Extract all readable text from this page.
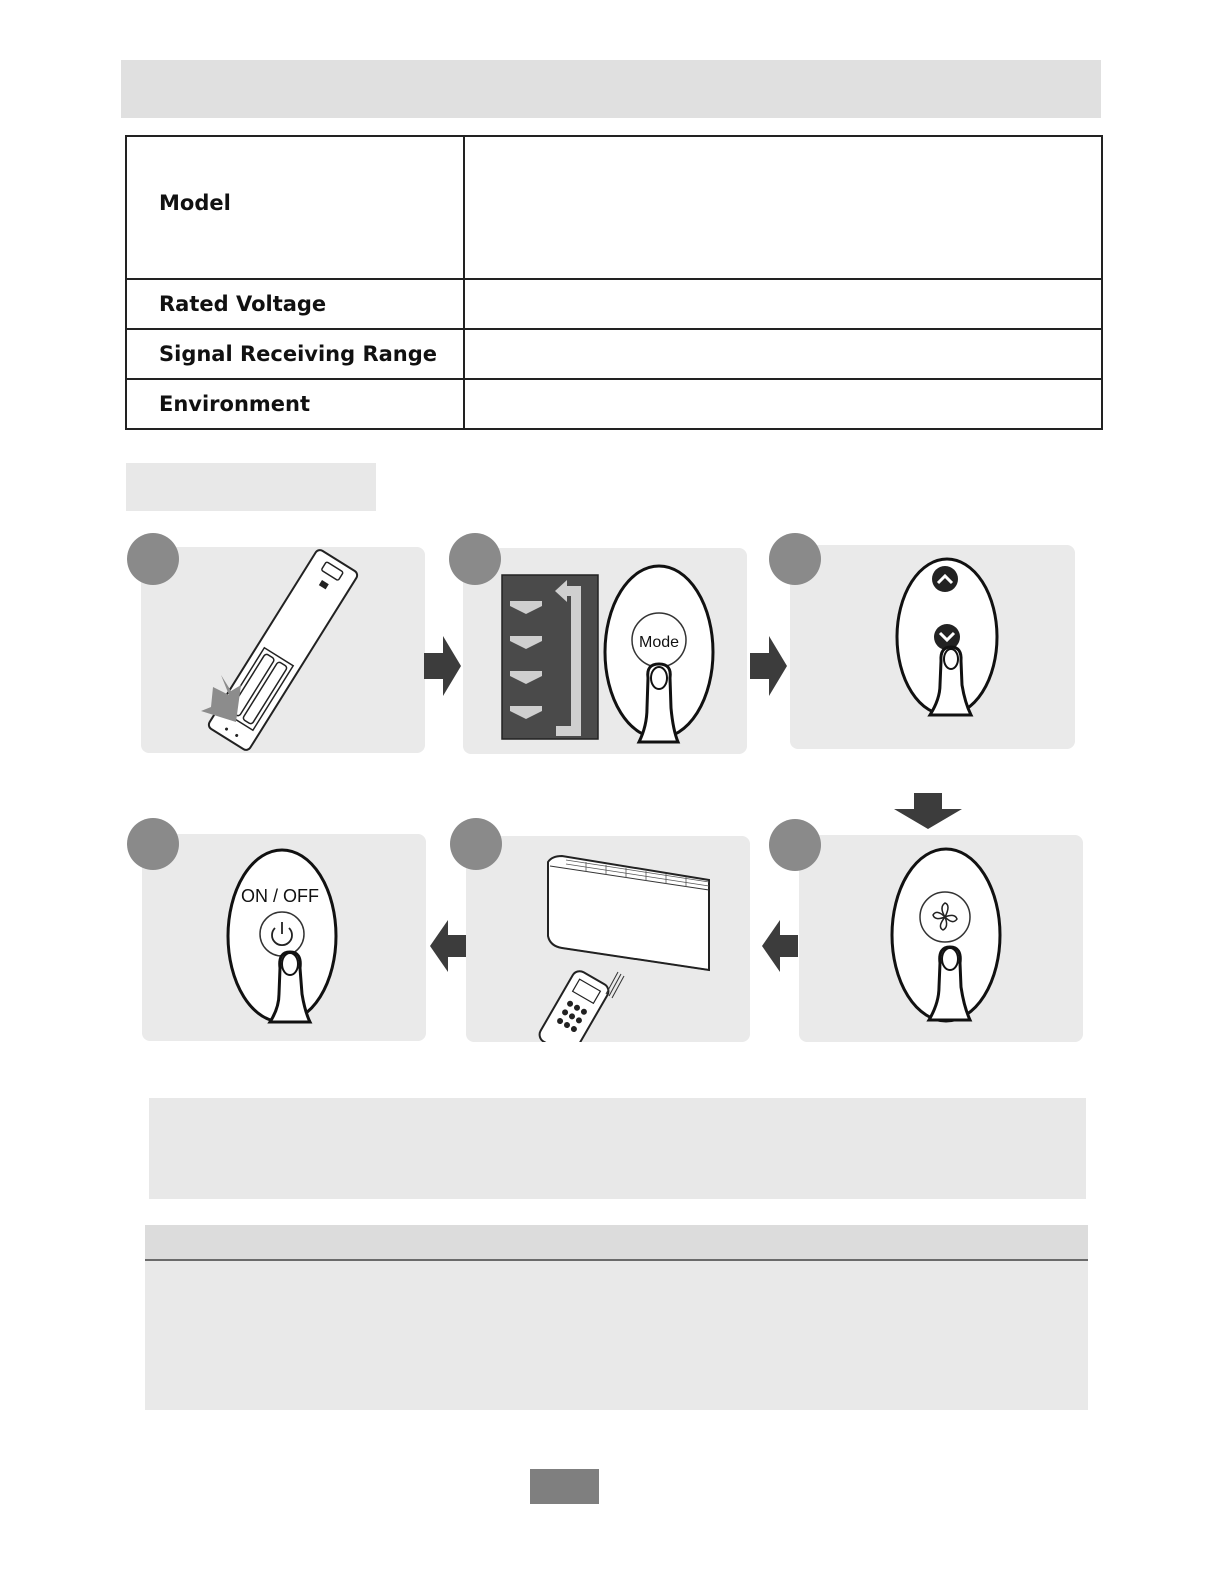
Model	
Rated Voltage	
Signal Receiving Range	
Environment	
Mode
ON / OFF
